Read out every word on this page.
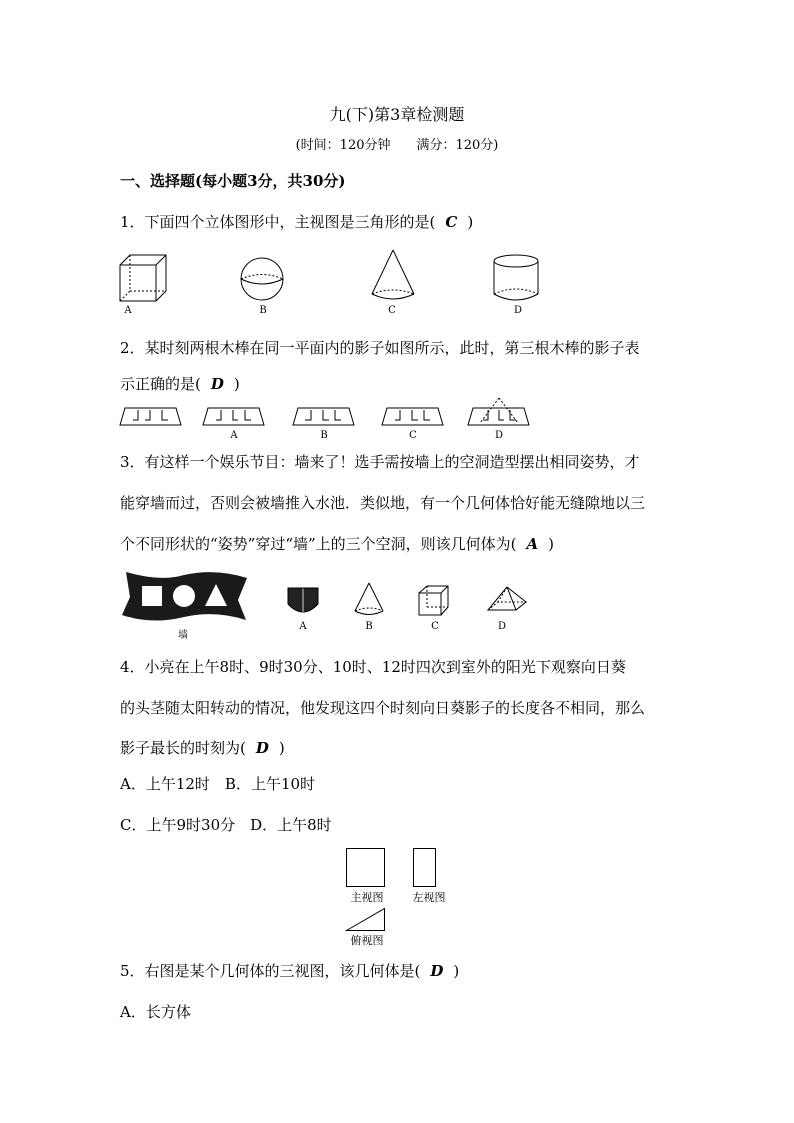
九(下)第3章检测题
(时间：120分钟　　满分：120分)
一、选择题(每小题3分，共30分)
1．下面四个立体图形中，主视图是三角形的是( C )
A	B	C	D
2．某时刻两根木棒在同一平面内的影子如图所示，此时，第三根木棒的影子表
示正确的是( D )
A	B	C	D
3．有这样一个娱乐节目：墙来了！选手需按墙上的空洞造型摆出相同姿势，才
能穿墙而过，否则会被墙推入水池．类似地，有一个几何体恰好能无缝隙地以三
个不同形状的“姿势”穿过“墙”上的三个空洞，则该几何体为( A )
墙
A	B	C	D
4．小亮在上午8时、9时30分、10时、12时四次到室外的阳光下观察向日葵
的头茎随太阳转动的情况，他发现这四个时刻向日葵影子的长度各不相同，那么
影子最长的时刻为( D )
A．上午12时　B．上午10时
C．上午9时30分　D．上午8时
主视图	左视图
俯视图
5．右图是某个几何体的三视图，该几何体是( D )
A．长方体
